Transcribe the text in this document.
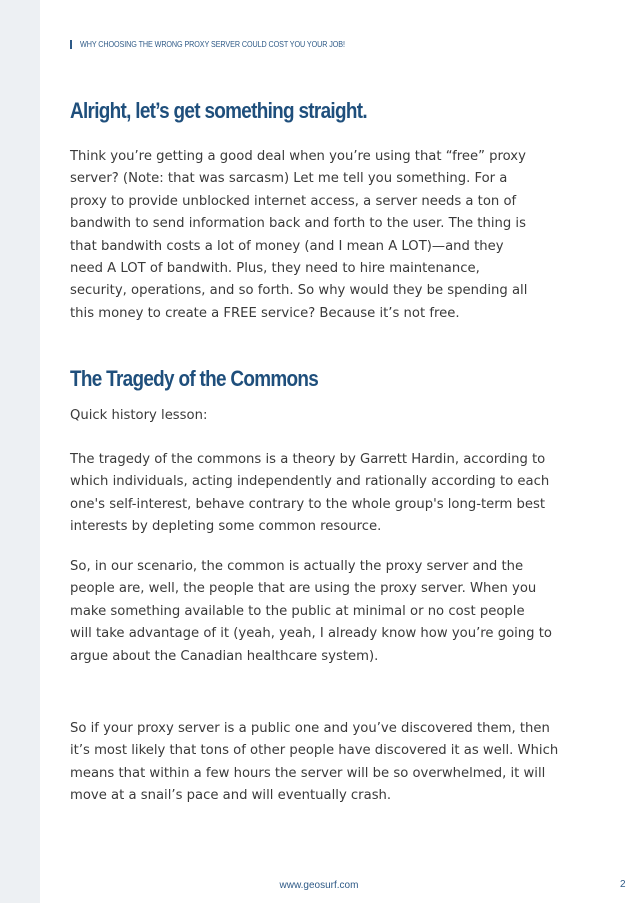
WHY CHOOSING THE WRONG PROXY SERVER COULD COST YOU YOUR JOB!
Alright, let’s get something straight.

Think you’re getting a good deal when you’re using that “free” proxy
server? (Note: that was sarcasm) Let me tell you something. For a
proxy to provide unblocked internet access, a server needs a ton of
bandwith to send information back and forth to the user. The thing is
that bandwith costs a lot of money (and I mean A LOT)—and they
need A LOT of bandwith. Plus, they need to hire maintenance,
security, operations, and so forth. So why would they be spending all
this money to create a FREE service? Because it’s not free.

The Tragedy of the Commons

Quick history lesson:

The tragedy of the commons is a theory by Garrett Hardin, according to
which individuals, acting independently and rationally according to each
one's self-interest, behave contrary to the whole group's long-term best
interests by depleting some common resource.

So, in our scenario, the common is actually the proxy server and the
people are, well, the people that are using the proxy server. When you
make something available to the public at minimal or no cost people
will take advantage of it (yeah, yeah, I already know how you’re going to
argue about the Canadian healthcare system).

So if your proxy server is a public one and you’ve discovered them, then
it’s most likely that tons of other people have discovered it as well. Which
means that within a few hours the server will be so overwhelmed, it will
move at a snail’s pace and will eventually crash.

www.geosurf.com	2
